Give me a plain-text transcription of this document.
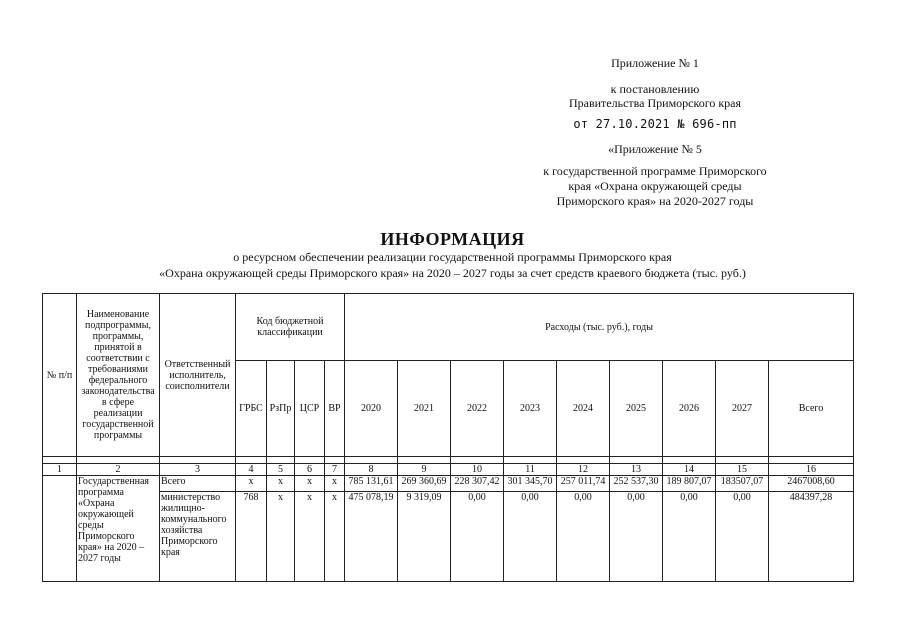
Приложение № 1
к постановлению
Правительства Приморского края
от 27.10.2021 № 696-пп
«Приложение № 5
к государственной программе Приморского
края «Охрана окружающей среды
Приморского края» на 2020-2027 годы
ИНФОРМАЦИЯ
о ресурсном обеспечении реализации государственной программы Приморского края
«Охрана окружающей среды Приморского края» на 2020 – 2027 годы за счет средств краевого бюджета (тыс. руб.)
№ п/п	Наименование подпрограммы, программы, принятой в соответствии с требованиями федерального законодательства в сфере реализации государственной программы	Ответственный исполнитель, соисполнители	Код бюджетной классификации				Расходы (тыс. руб.), годы								
			ГРБС	РзПр	ЦСР	ВР	2020	2021	2022	2023	2024	2025	2026	2027	Всего

1	2	3	4	5	6	7	8	9	10	11	12	13	14	15	16
	Государственная программа «Охрана окружающей среды Приморского края» на 2020 – 2027 годы	Всего	x	x	x	x	785 131,61	269 360,69	228 307,42	301 345,70	257 011,74	252 537,30	189 807,07	183507,07	2467008,60
		министерство жилищно-коммунального хозяйства Приморского края	768	x	x	x	475 078,19	9 319,09	0,00	0,00	0,00	0,00	0,00	0,00	484397,28
